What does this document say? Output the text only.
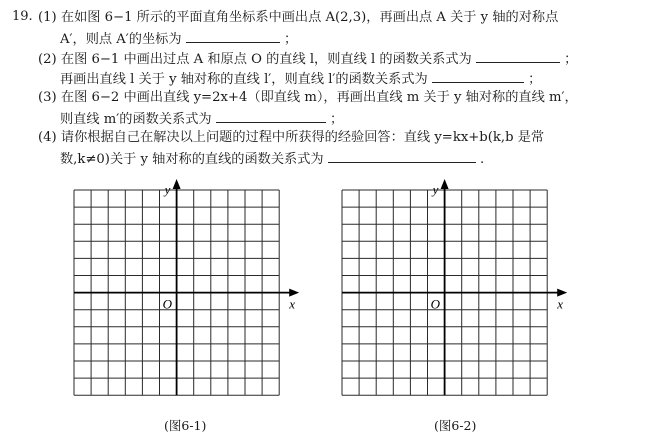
19. (1) 在如图 6−1 所示的平面直角坐标系中画出点 A(2,3)，再画出点 A 关于 y 轴的对称点
A′，则点 A′的坐标为	；
(2) 在图 6−1 中画出过点 A 和原点 O 的直线 l，则直线 l 的函数关系式为	；
再画出直线 l 关于 y 轴对称的直线 l′，则直线 l′的函数关系式为	；
(3) 在图 6−2 中画出直线 y=2x+4（即直线 m），再画出直线 m 关于 y 轴对称的直线 m′，
则直线 m′的函数关系式为	；
(4) 请你根据自己在解决以上问题的过程中所获得的经验回答：直线 y=kx+b(k,b 是常
数,k≠0)关于 y 轴对称的直线的函数关系式为	.
y
x
O
(图6-1)
y
x
O
(图6-2)
